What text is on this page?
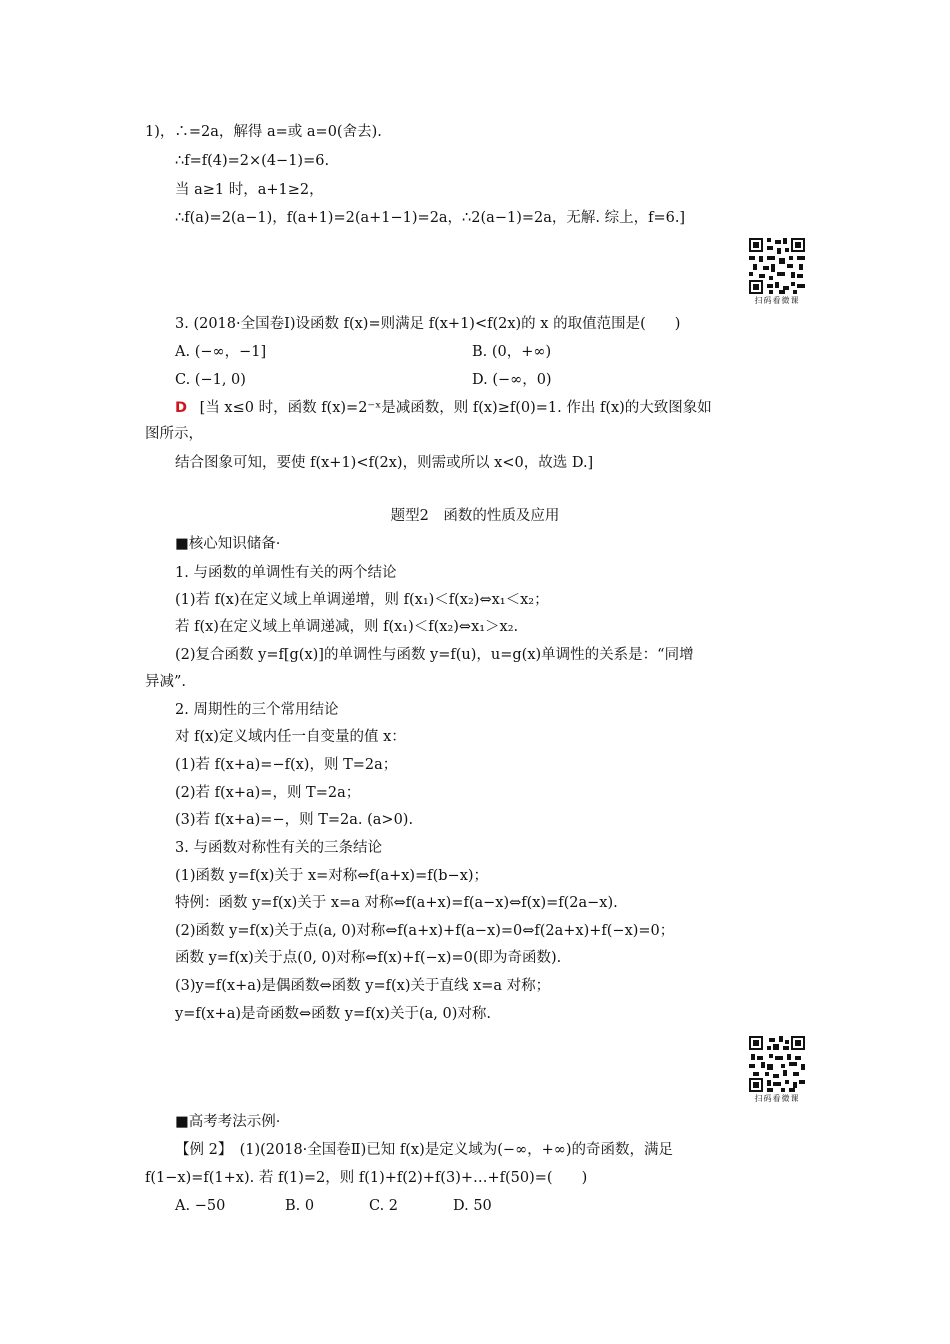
1)，∴=2a，解得 a=或 a=0(舍去).
∴f=f(4)=2×(4−1)=6.
当 a≥1 时，a+1≥2，
∴f(a)=2(a−1)，f(a+1)=2(a+1−1)=2a，∴2(a−1)=2a，无解. 综上，f=6.]
扫码看微课
3. (2018·全国卷Ⅰ)设函数 f(x)=则满足 f(x+1)<f(2x)的 x 的取值范围是(　　)
A. (−∞，−1]	B. (0，+∞)
C. (−1, 0)	D. (−∞，0)
D [当 x≤0 时，函数 f(x)=2⁻ˣ是减函数，则 f(x)≥f(0)=1. 作出 f(x)的大致图象如
图所示，
结合图象可知，要使 f(x+1)<f(2x)，则需或所以 x<0，故选 D.]
题型2　函数的性质及应用
■核心知识储备·
1. 与函数的单调性有关的两个结论
(1)若 f(x)在定义域上单调递增，则 f(x₁)＜f(x₂)⇔x₁＜x₂；
若 f(x)在定义域上单调递减，则 f(x₁)＜f(x₂)⇔x₁＞x₂.
(2)复合函数 y=f[g(x)]的单调性与函数 y=f(u)，u=g(x)单调性的关系是：“同增
异减”.
2. 周期性的三个常用结论
对 f(x)定义域内任一自变量的值 x：
(1)若 f(x+a)=−f(x)，则 T=2a；
(2)若 f(x+a)=，则 T=2a；
(3)若 f(x+a)=−，则 T=2a. (a>0).
3. 与函数对称性有关的三条结论
(1)函数 y=f(x)关于 x=对称⇔f(a+x)=f(b−x)；
特例：函数 y=f(x)关于 x=a 对称⇔f(a+x)=f(a−x)⇔f(x)=f(2a−x).
(2)函数 y=f(x)关于点(a, 0)对称⇔f(a+x)+f(a−x)=0⇔f(2a+x)+f(−x)=0；
函数 y=f(x)关于点(0, 0)对称⇔f(x)+f(−x)=0(即为奇函数).
(3)y=f(x+a)是偶函数⇔函数 y=f(x)关于直线 x=a 对称；
y=f(x+a)是奇函数⇔函数 y=f(x)关于(a, 0)对称.
扫码看微课
■高考考法示例·
【例 2】　(1)(2018·全国卷Ⅱ)已知 f(x)是定义域为(−∞，+∞)的奇函数，满足
f(1−x)=f(1+x). 若 f(1)=2，则 f(1)+f(2)+f(3)+…+f(50)=(　　)
A. −50	B. 0	C. 2	D. 50
